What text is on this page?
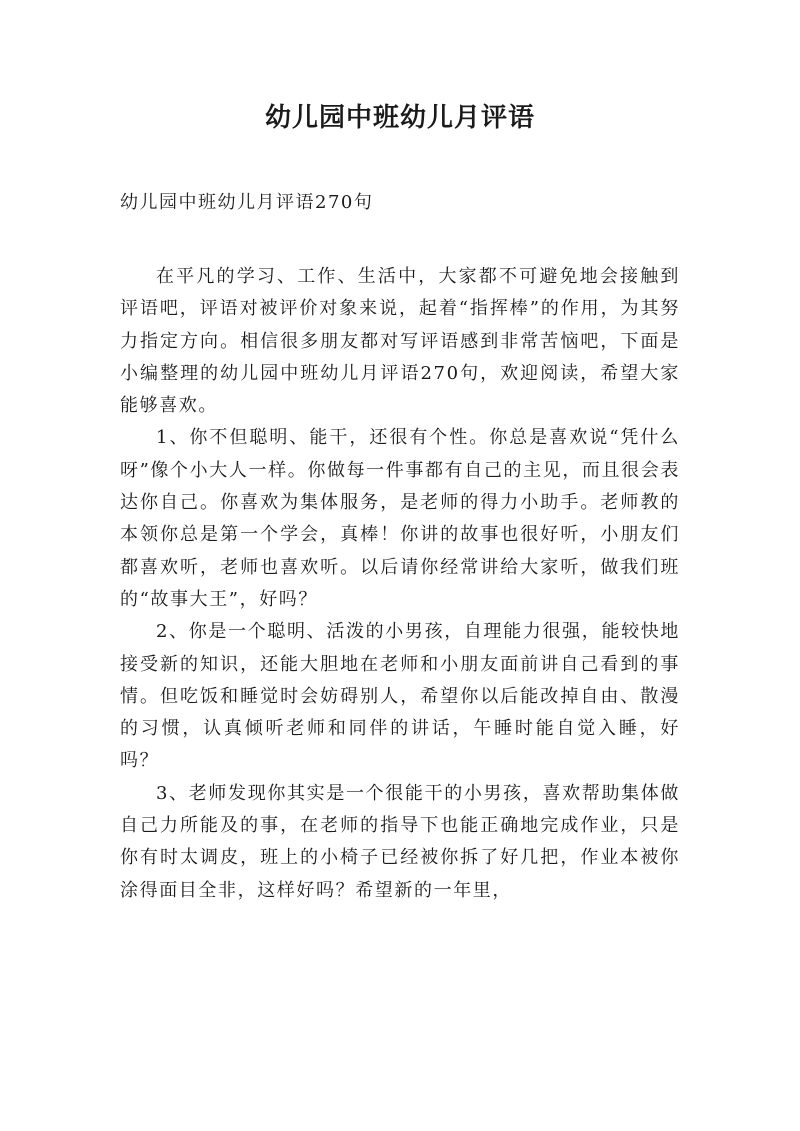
幼儿园中班幼儿月评语
幼儿园中班幼儿月评语270句

在平凡的学习、工作、生活中，大家都不可避免地会接触到评语吧，评语对被评价对象来说，起着“指挥棒”的作用，为其努力指定方向。相信很多朋友都对写评语感到非常苦恼吧，下面是小编整理的幼儿园中班幼儿月评语270句，欢迎阅读，希望大家能够喜欢。

1、你不但聪明、能干，还很有个性。你总是喜欢说“凭什么呀”像个小大人一样。你做每一件事都有自己的主见，而且很会表达你自己。你喜欢为集体服务，是老师的得力小助手。老师教的本领你总是第一个学会，真棒！你讲的故事也很好听，小朋友们都喜欢听，老师也喜欢听。以后请你经常讲给大家听，做我们班的“故事大王”，好吗？

2、你是一个聪明、活泼的小男孩，自理能力很强，能较快地接受新的知识，还能大胆地在老师和小朋友面前讲自己看到的事情。但吃饭和睡觉时会妨碍别人，希望你以后能改掉自由、散漫的习惯，认真倾听老师和同伴的讲话，午睡时能自觉入睡，好吗？

3、老师发现你其实是一个很能干的小男孩，喜欢帮助集体做自己力所能及的事，在老师的指导下也能正确地完成作业，只是你有时太调皮，班上的小椅子已经被你拆了好几把，作业本被你涂得面目全非，这样好吗？希望新的一年里，
